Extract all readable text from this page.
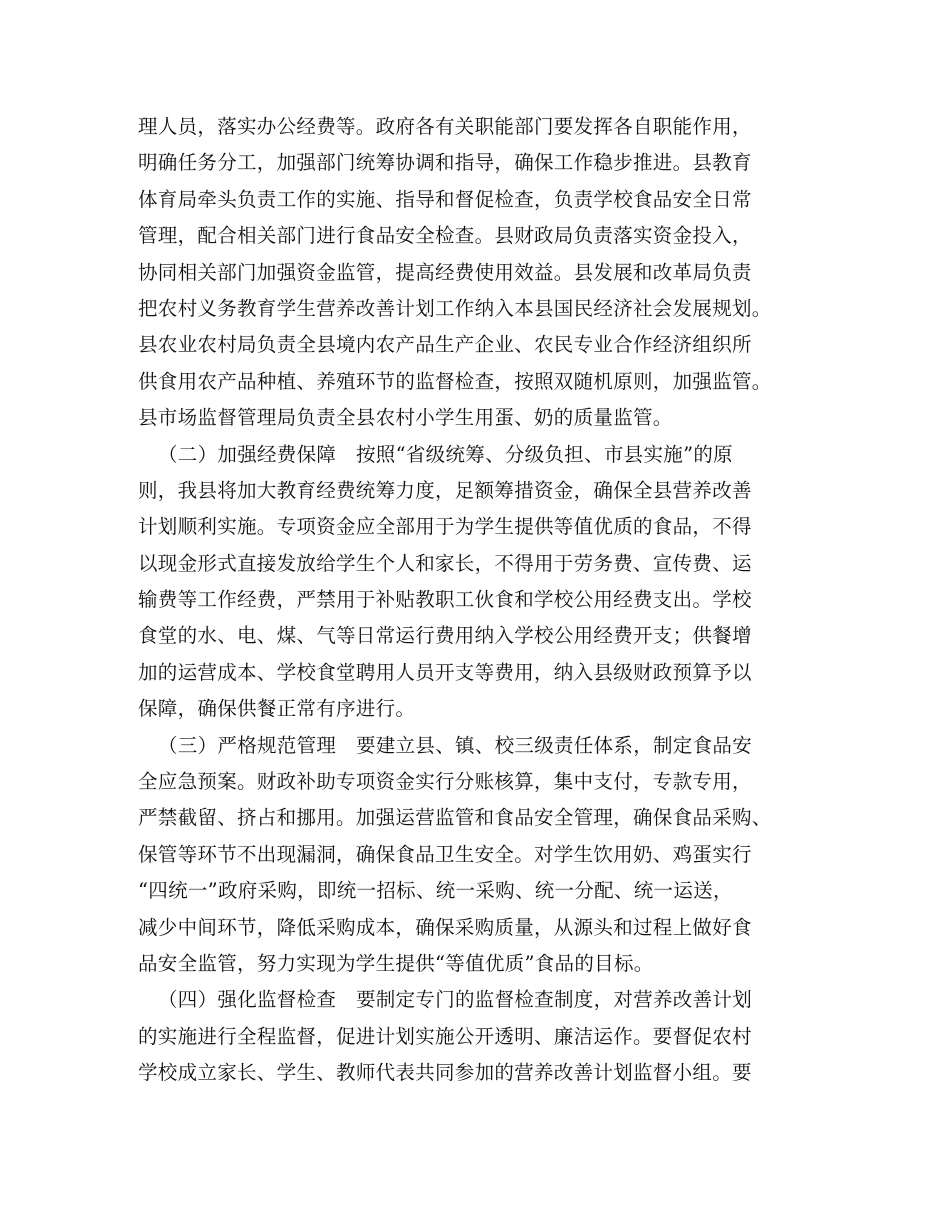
理人员，落实办公经费等。政府各有关职能部门要发挥各自职能作用，
明确任务分工，加强部门统筹协调和指导，确保工作稳步推进。县教育
体育局牵头负责工作的实施、指导和督促检查，负责学校食品安全日常
管理，配合相关部门进行食品安全检查。县财政局负责落实资金投入，
协同相关部门加强资金监管，提高经费使用效益。县发展和改革局负责
把农村义务教育学生营养改善计划工作纳入本县国民经济社会发展规划。
县农业农村局负责全县境内农产品生产企业、农民专业合作经济组织所
供食用农产品种植、养殖环节的监督检查，按照双随机原则，加强监管。
县市场监督管理局负责全县农村小学生用蛋、奶的质量监管。
（二）加强经费保障　按照“省级统筹、分级负担、市县实施”的原
则，我县将加大教育经费统筹力度，足额筹措资金，确保全县营养改善
计划顺利实施。专项资金应全部用于为学生提供等值优质的食品，不得
以现金形式直接发放给学生个人和家长，不得用于劳务费、宣传费、运
输费等工作经费，严禁用于补贴教职工伙食和学校公用经费支出。学校
食堂的水、电、煤、气等日常运行费用纳入学校公用经费开支；供餐增
加的运营成本、学校食堂聘用人员开支等费用，纳入县级财政预算予以
保障，确保供餐正常有序进行。
（三）严格规范管理　要建立县、镇、校三级责任体系，制定食品安
全应急预案。财政补助专项资金实行分账核算，集中支付，专款专用，
严禁截留、挤占和挪用。加强运营监管和食品安全管理，确保食品采购、
保管等环节不出现漏洞，确保食品卫生安全。对学生饮用奶、鸡蛋实行
“四统一”政府采购，即统一招标、统一采购、统一分配、统一运送，
减少中间环节，降低采购成本，确保采购质量，从源头和过程上做好食
品安全监管，努力实现为学生提供“等值优质”食品的目标。
（四）强化监督检查　要制定专门的监督检查制度，对营养改善计划
的实施进行全程监督，促进计划实施公开透明、廉洁运作。要督促农村
学校成立家长、学生、教师代表共同参加的营养改善计划监督小组。要
